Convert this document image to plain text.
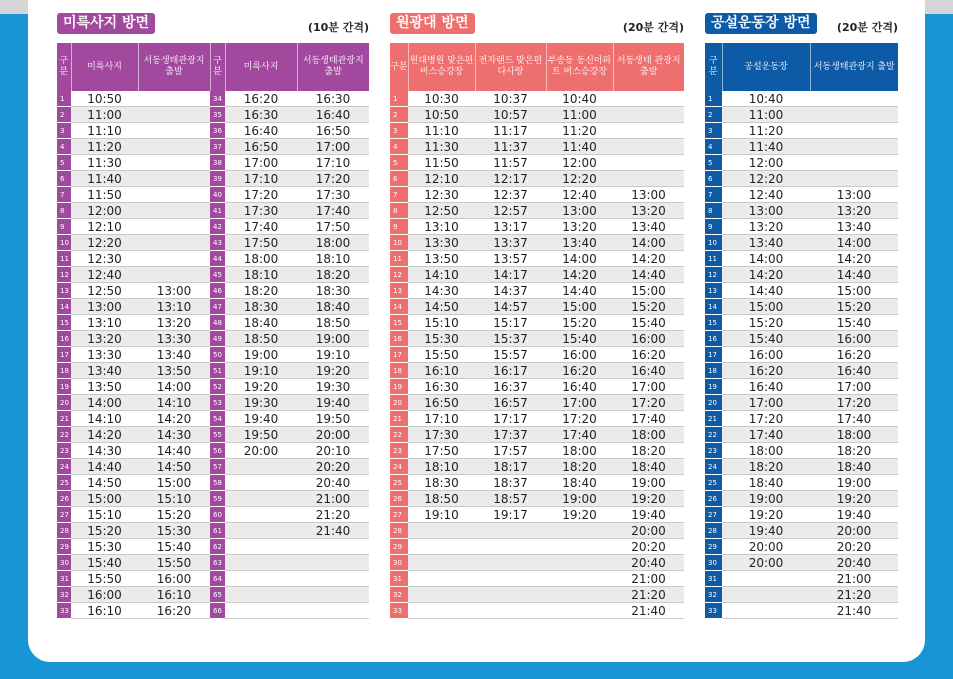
미륵사지 방면	(10분 간격)
구분	미륵사지	서동생태관광지 출발	구분	미륵사지	서동생태관광지 출발
1	10:50		34	16:20	16:30
2	11:00		35	16:30	16:40
3	11:10		36	16:40	16:50
4	11:20		37	16:50	17:00
5	11:30		38	17:00	17:10
6	11:40		39	17:10	17:20
7	11:50		40	17:20	17:30
8	12:00		41	17:30	17:40
9	12:10		42	17:40	17:50
10	12:20		43	17:50	18:00
11	12:30		44	18:00	18:10
12	12:40		45	18:10	18:20
13	12:50	13:00	46	18:20	18:30
14	13:00	13:10	47	18:30	18:40
15	13:10	13:20	48	18:40	18:50
16	13:20	13:30	49	18:50	19:00
17	13:30	13:40	50	19:00	19:10
18	13:40	13:50	51	19:10	19:20
19	13:50	14:00	52	19:20	19:30
20	14:00	14:10	53	19:30	19:40
21	14:10	14:20	54	19:40	19:50
22	14:20	14:30	55	19:50	20:00
23	14:30	14:40	56	20:00	20:10
24	14:40	14:50	57		20:20
25	14:50	15:00	58		20:40
26	15:00	15:10	59		21:00
27	15:10	15:20	60		21:20
28	15:20	15:30	61		21:40
29	15:30	15:40	62		
30	15:40	15:50	63		
31	15:50	16:00	64		
32	16:00	16:10	65		
33	16:10	16:20	66		
원광대 방면	(20분 간격)
구분	원대병원 맞은편 버스승강장	전자랜드 맞은편 다사랑	부송동 동신아파트 버스승강장	서동생태 관광지 출발
1	10:30	10:37	10:40	
2	10:50	10:57	11:00	
3	11:10	11:17	11:20	
4	11:30	11:37	11:40	
5	11:50	11:57	12:00	
6	12:10	12:17	12:20	
7	12:30	12:37	12:40	13:00
8	12:50	12:57	13:00	13:20
9	13:10	13:17	13:20	13:40
10	13:30	13:37	13:40	14:00
11	13:50	13:57	14:00	14:20
12	14:10	14:17	14:20	14:40
13	14:30	14:37	14:40	15:00
14	14:50	14:57	15:00	15:20
15	15:10	15:17	15:20	15:40
16	15:30	15:37	15:40	16:00
17	15:50	15:57	16:00	16:20
18	16:10	16:17	16:20	16:40
19	16:30	16:37	16:40	17:00
20	16:50	16:57	17:00	17:20
21	17:10	17:17	17:20	17:40
22	17:30	17:37	17:40	18:00
23	17:50	17:57	18:00	18:20
24	18:10	18:17	18:20	18:40
25	18:30	18:37	18:40	19:00
26	18:50	18:57	19:00	19:20
27	19:10	19:17	19:20	19:40
28				20:00
29				20:20
30				20:40
31				21:00
32				21:20
33				21:40
공설운동장 방면	(20분 간격)
구분	공설운동장	서동생태관광지 출발
1	10:40	
2	11:00	
3	11:20	
4	11:40	
5	12:00	
6	12:20	
7	12:40	13:00
8	13:00	13:20
9	13:20	13:40
10	13:40	14:00
11	14:00	14:20
12	14:20	14:40
13	14:40	15:00
14	15:00	15:20
15	15:20	15:40
16	15:40	16:00
17	16:00	16:20
18	16:20	16:40
19	16:40	17:00
20	17:00	17:20
21	17:20	17:40
22	17:40	18:00
23	18:00	18:20
24	18:20	18:40
25	18:40	19:00
26	19:00	19:20
27	19:20	19:40
28	19:40	20:00
29	20:00	20:20
30	20:00	20:40
31		21:00
32		21:20
33		21:40
